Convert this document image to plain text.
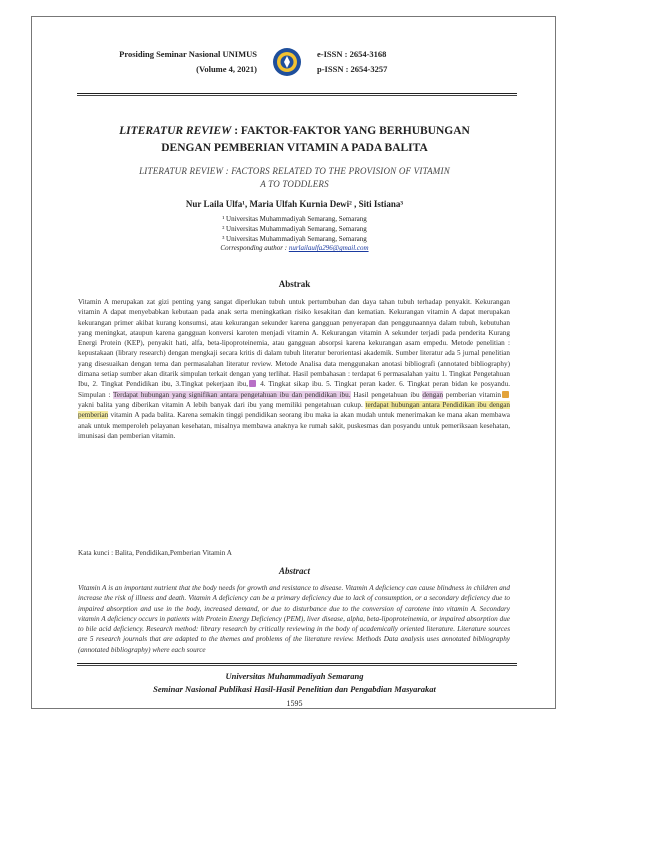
Prosiding Seminar Nasional UNIMUS
(Volume 4, 2021)
e-ISSN : 2654-3168
p-ISSN : 2654-3257
LITERATUR REVIEW : FAKTOR-FAKTOR YANG BERHUBUNGAN
DENGAN PEMBERIAN VITAMIN A PADA BALITA
LITERATUR REVIEW : FACTORS RELATED TO THE PROVISION OF VITAMIN
A TO TODDLERS
Nur Laila Ulfa¹, Maria Ulfah Kurnia Dewi² , Siti Istiana³
¹ Universitas Muhammadiyah Semarang, Semarang
² Universitas Muhammadiyah Semarang, Semarang
³ Universitas Muhammadiyah Semarang, Semarang
Corresponding author : nurlailaulfa296@gmail.com
Abstrak
Vitamin A merupakan zat gizi penting yang sangat diperlukan tubuh untuk pertumbuhan dan daya tahan tubuh terhadap penyakit. Kekurangan vitamin A dapat menyebabkan kebutaan pada anak serta meningkatkan risiko kesakitan dan kematian. Kekurangan vitamin A dapat merupakan kekurangan primer akibat kurang konsumsi, atau kekurangan sekunder karena gangguan penyerapan dan penggunaannya dalam tubuh, kebutuhan yang meningkat, ataupun karena gangguan konversi karoten menjadi vitamin A. Kekurangan vitamin A sekunder terjadi pada penderita Kurang Energi Protein (KEP), penyakit hati, alfa, beta-lipoproteinemia, atau gangguan absorpsi karena kekurangan asam empedu. Metode penelitian : kepustakaan (library research) dengan mengkaji secara kritis di dalam tubuh literatur berorientasi akademik. Sumber literatur ada 5 jurnal penelitian yang disesuaikan dengan tema dan permasalahan literatur review. Metode Analisa data menggunakan anotasi bibliografi (annotated bibliography) dimana setiap sumber akan ditarik simpulan terkait dengan yang terlihat. Hasil pembahasan : terdapat 6 permasalahan yaitu 1. Tingkat Pengetahuan Ibu, 2. Tingkat Pendidikan ibu, 3.Tingkat pekerjaan ibu, 4. Tingkat sikap ibu. 5. Tingkat peran kader. 6. Tingkat peran bidan ke posyandu. Simpulan : Terdapat hubungan yang signifikan antara pengetahuan ibu dan pendidikan ibu. Hasil pengetahuan ibu dengan pemberian vitamin yakni balita yang diberikan vitamin A lebih banyak dari ibu yang memiliki pengetahuan cukup. terdapat hubungan antara Pendidikan ibu dengan pemberian vitamin A pada balita. Karena semakin tinggi pendidikan seorang ibu maka ia akan mudah untuk menerimakan ke mana akan membawa anak untuk memperoleh pelayanan kesehatan, misalnya membawa anaknya ke rumah sakit, puskesmas dan posyandu untuk pemeriksaan kesehatan, imunisasi dan pemberian vitamin.
Kata kunci : Balita, Pendidikan,Pemberian Vitamin A
Abstract
Vitamin A is an important nutrient that the body needs for growth and resistance to disease. Vitamin A deficiency can cause blindness in children and increase the risk of illness and death. Vitamin A deficiency can be a primary deficiency due to lack of consumption, or a secondary deficiency due to impaired absorption and use in the body, increased demand, or due to disturbance due to the conversion of carotene into vitamin A. Secondary vitamin A deficiency occurs in patients with Protein Energy Deficiency (PEM), liver disease, alpha, beta-lipoproteinemia, or impaired absorption due to bile acid deficiency. Research method: library research by critically reviewing in the body of academically oriented literature. Literature sources are 5 research journals that are adapted to the themes and problems of the literature review. Methods Data analysis uses annotated bibliography (annotated bibliography) where each source
Universitas Muhammadiyah Semarang
Seminar Nasional Publikasi Hasil-Hasil Penelitian dan Pengabdian Masyarakat
1595
